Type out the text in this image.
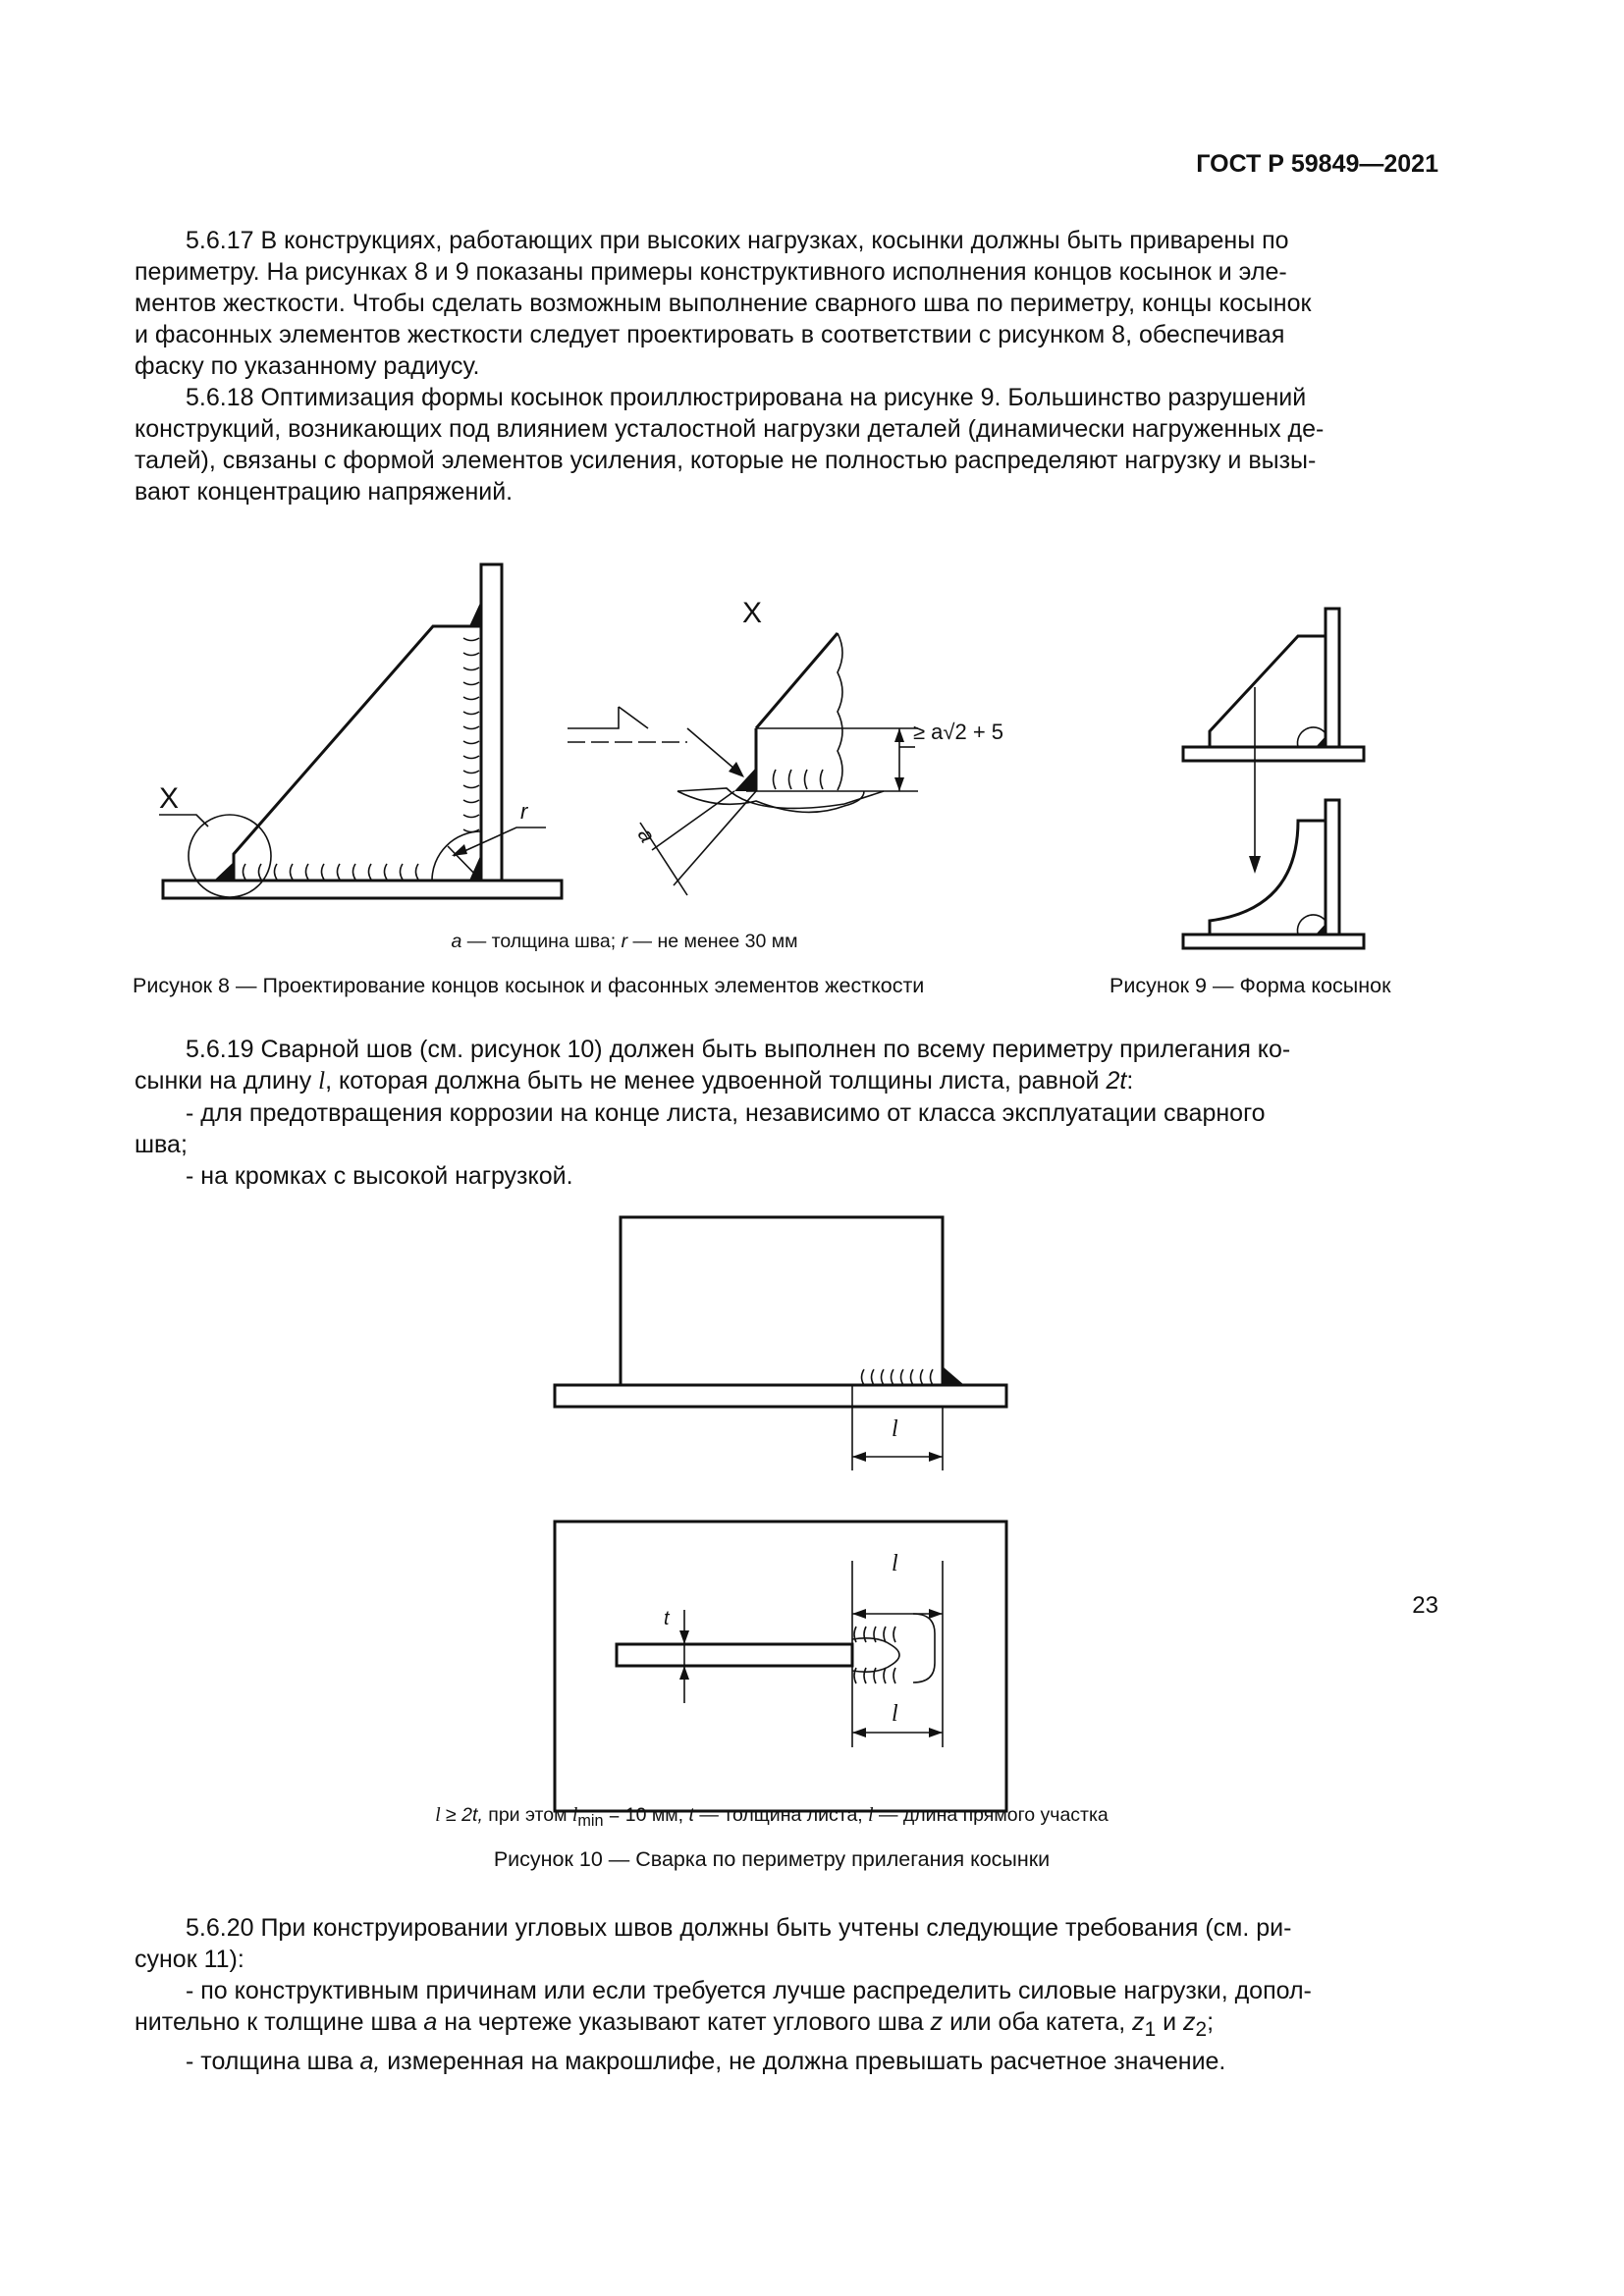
ГОСТ Р 59849—2021
5.6.17 В конструкциях, работающих при высоких нагрузках, косынки должны быть приварены по
периметру. На рисунках 8 и 9 показаны примеры конструктивного исполнения концов косынок и эле-
ментов жесткости. Чтобы сделать возможным выполнение сварного шва по периметру, концы косынок
и фасонных элементов жесткости следует проектировать в соответствии с рисунком 8, обеспечивая
фаску по указанному радиусу.
5.6.18 Оптимизация формы косынок проиллюстрирована на рисунке 9. Большинство разрушений
конструкций, возникающих под влиянием усталостной нагрузки деталей (динамически нагруженных де-
талей), связаны с формой элементов усиления, которые не полностью распределяют нагрузку и вызы-
вают концентрацию напряжений.
X
X
r
a
≥ a√2 + 5
a — толщина шва; r — не менее 30 мм
Рисунок 8 — Проектирование концов косынок и фасонных элементов жесткости	Рисунок 9 — Форма косынок
5.6.19 Сварной шов (см. рисунок 10) должен быть выполнен по всему периметру прилегания ко-
сынки на длину l, которая должна быть не менее удвоенной толщины листа, равной 2t:
- для предотвращения коррозии на конце листа, независимо от класса эксплуатации сварного
шва;
- на кромках с высокой нагрузкой.
l
l
l
t
l ≥ 2t, при этом $l_{min} = 10$ мм; t — толщина листа; l — длина прямого участка
Рисунок 10 — Сварка по периметру прилегания косынки
5.6.20 При конструировании угловых швов должны быть учтены следующие требования (см. ри-
сунок 11):
- по конструктивным причинам или если требуется лучше распределить силовые нагрузки, допол-
нительно к толщине шва a на чертеже указывают катет углового шва z или оба катета, $z_1$ и $z_2$;
- толщина шва a, измеренная на макрошлифе, не должна превышать расчетное значение.
23
